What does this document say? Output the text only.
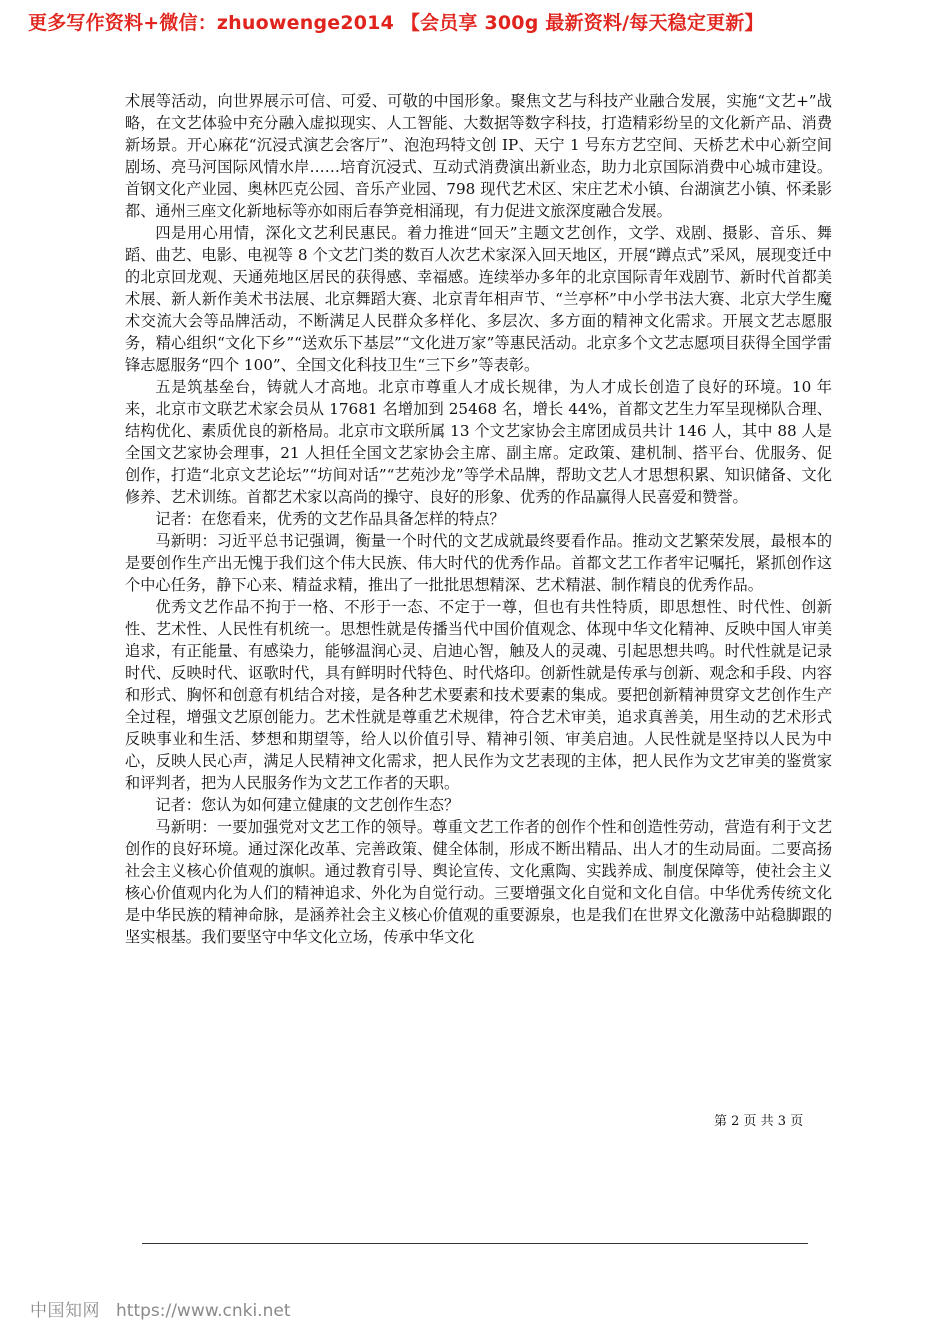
更多写作资料+微信：zhuowenge2014 【会员享 300g 最新资料/每天稳定更新】

术展等活动，向世界展示可信、可爱、可敬的中国形象。聚焦文艺与科技产业融合发展，实施“文艺+”战略，在文艺体验中充分融入虚拟现实、人工智能、大数据等数字科技，打造精彩纷呈的文化新产品、消费新场景。开心麻花“沉浸式演艺会客厅”、泡泡玛特文创 IP、天宁 1 号东方艺空间、天桥艺术中心新空间剧场、亮马河国际风情水岸……培育沉浸式、互动式消费演出新业态，助力北京国际消费中心城市建设。首钢文化产业园、奥林匹克公园、音乐产业园、798 现代艺术区、宋庄艺术小镇、台湖演艺小镇、怀柔影都、通州三座文化新地标等亦如雨后春笋竞相涌现，有力促进文旅深度融合发展。

四是用心用情，深化文艺利民惠民。着力推进“回天”主题文艺创作，文学、戏剧、摄影、音乐、舞蹈、曲艺、电影、电视等 8 个文艺门类的数百人次艺术家深入回天地区，开展“蹲点式”采风，展现变迁中的北京回龙观、天通苑地区居民的获得感、幸福感。连续举办多年的北京国际青年戏剧节、新时代首都美术展、新人新作美术书法展、北京舞蹈大赛、北京青年相声节、“兰亭杯”中小学书法大赛、北京大学生魔术交流大会等品牌活动，不断满足人民群众多样化、多层次、多方面的精神文化需求。开展文艺志愿服务，精心组织“文化下乡”“送欢乐下基层”“文化进万家”等惠民活动。北京多个文艺志愿项目获得全国学雷锋志愿服务“四个 100”、全国文化科技卫生“三下乡”等表彰。

五是筑基垒台，铸就人才高地。北京市尊重人才成长规律，为人才成长创造了良好的环境。10 年来，北京市文联艺术家会员从 17681 名增加到 25468 名，增长 44%，首都文艺生力军呈现梯队合理、结构优化、素质优良的新格局。北京市文联所属 13 个文艺家协会主席团成员共计 146 人，其中 88 人是全国文艺家协会理事，21 人担任全国文艺家协会主席、副主席。定政策、建机制、搭平台、优服务、促创作，打造“北京文艺论坛”“坊间对话”“艺苑沙龙”等学术品牌，帮助文艺人才思想积累、知识储备、文化修养、艺术训练。首都艺术家以高尚的操守、良好的形象、优秀的作品赢得人民喜爱和赞誉。

记者：在您看来，优秀的文艺作品具备怎样的特点？

马新明：习近平总书记强调，衡量一个时代的文艺成就最终要看作品。推动文艺繁荣发展，最根本的是要创作生产出无愧于我们这个伟大民族、伟大时代的优秀作品。首都文艺工作者牢记嘱托，紧抓创作这个中心任务，静下心来、精益求精，推出了一批批思想精深、艺术精湛、制作精良的优秀作品。

优秀文艺作品不拘于一格、不形于一态、不定于一尊，但也有共性特质，即思想性、时代性、创新性、艺术性、人民性有机统一。思想性就是传播当代中国价值观念、体现中华文化精神、反映中国人审美追求，有正能量、有感染力，能够温润心灵、启迪心智，触及人的灵魂、引起思想共鸣。时代性就是记录时代、反映时代、讴歌时代，具有鲜明时代特色、时代烙印。创新性就是传承与创新、观念和手段、内容和形式、胸怀和创意有机结合对接，是各种艺术要素和技术要素的集成。要把创新精神贯穿文艺创作生产全过程，增强文艺原创能力。艺术性就是尊重艺术规律，符合艺术审美，追求真善美，用生动的艺术形式反映事业和生活、梦想和期望等，给人以价值引导、精神引领、审美启迪。人民性就是坚持以人民为中心，反映人民心声，满足人民精神文化需求，把人民作为文艺表现的主体，把人民作为文艺审美的鉴赏家和评判者，把为人民服务作为文艺工作者的天职。

记者：您认为如何建立健康的文艺创作生态？

马新明：一要加强党对文艺工作的领导。尊重文艺工作者的创作个性和创造性劳动，营造有利于文艺创作的良好环境。通过深化改革、完善政策、健全体制，形成不断出精品、出人才的生动局面。二要高扬社会主义核心价值观的旗帜。通过教育引导、舆论宣传、文化熏陶、实践养成、制度保障等，使社会主义核心价值观内化为人们的精神追求、外化为自觉行动。三要增强文化自觉和文化自信。中华优秀传统文化是中华民族的精神命脉，是涵养社会主义核心价值观的重要源泉，也是我们在世界文化激荡中站稳脚跟的坚实根基。我们要坚守中华文化立场，传承中华文化

第 2 页 共 3 页
中国知网 https://www.cnki.net
